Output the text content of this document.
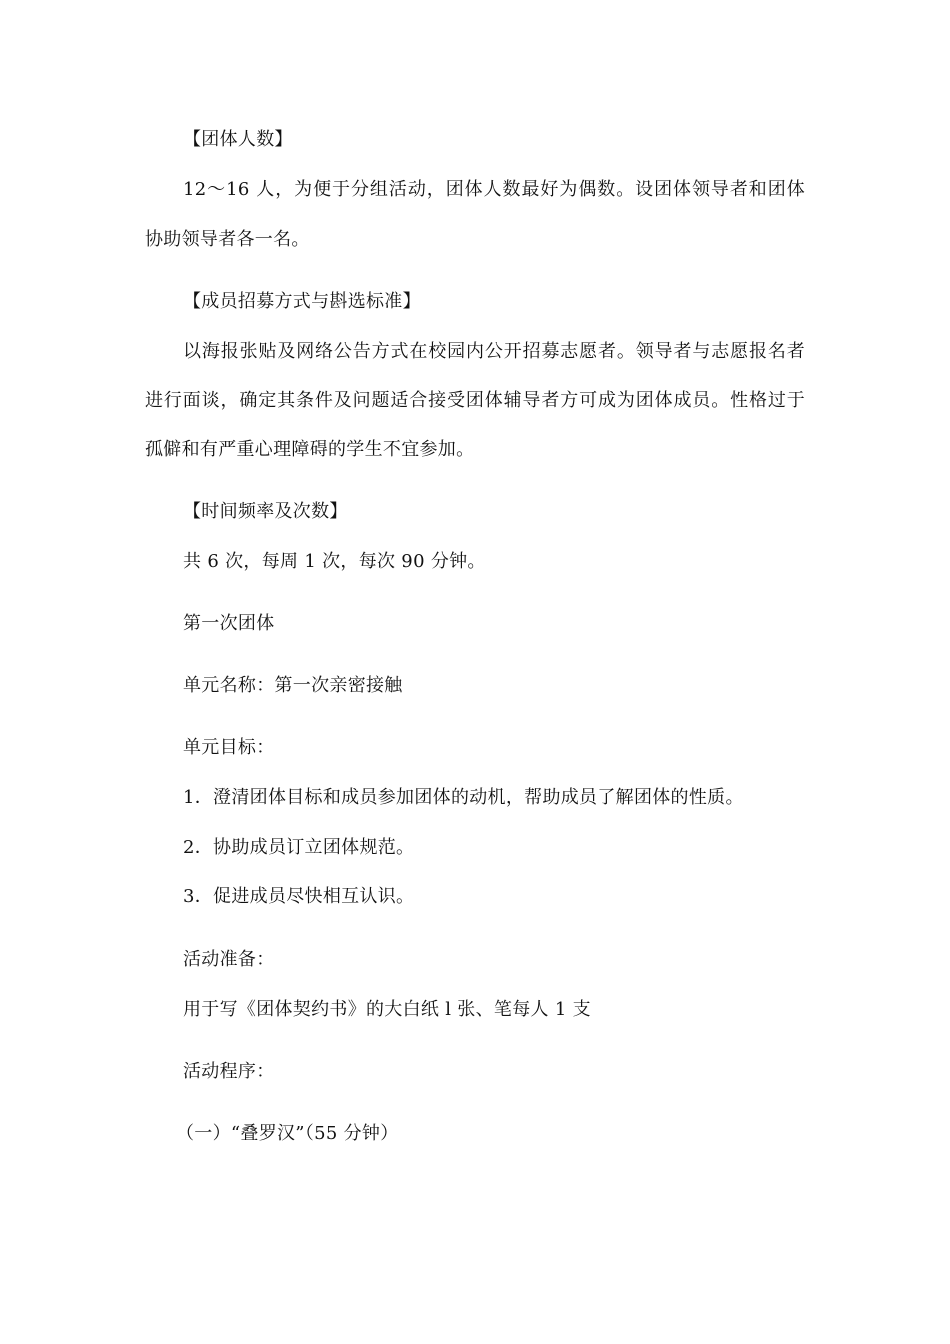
【团体人数】
12～16 人，为便于分组活动，团体人数最好为偶数。设团体领导者和团体
协助领导者各一名。
【成员招募方式与斟选标准】
以海报张贴及网络公告方式在校园内公开招募志愿者。领导者与志愿报名者
进行面谈，确定其条件及问题适合接受团体辅导者方可成为团体成员。性格过于
孤僻和有严重心理障碍的学生不宜参加。
【时间频率及次数】
共 6 次，每周 1 次，每次 90 分钟。
第一次团体
单元名称：第一次亲密接触
单元目标：
1．澄清团体目标和成员参加团体的动机，帮助成员了解团体的性质。
2．协助成员订立团体规范。
3．促进成员尽快相互认识。
活动准备：
用于写《团体契约书》的大白纸 l 张、笔每人 1 支
活动程序：
（一）“叠罗汉”（55 分钟）
